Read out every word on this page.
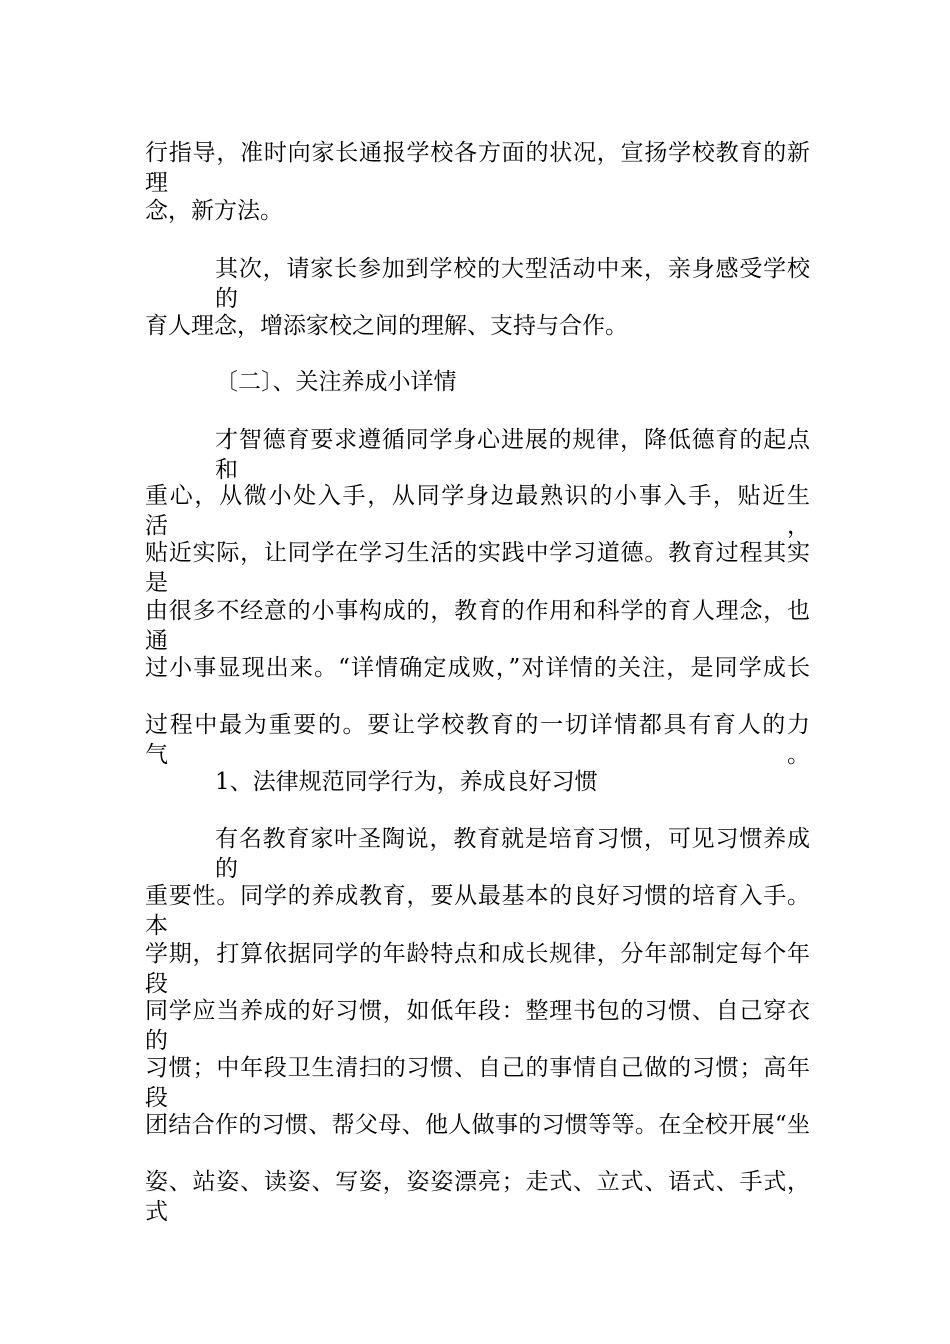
行指导，准时向家长通报学校各方面的状况，宣扬学校教育的新理

念，新方法。

其次，请家长参加到学校的大型活动中来，亲身感受学校的

育人理念，增添家校之间的理解、支持与合作。

〔二〕、关注养成小详情

才智德育要求遵循同学身心进展的规律，降低德育的起点和

重心，从微小处入手，从同学身边最熟识的小事入手，贴近生活，

贴近实际，让同学在学习生活的实践中学习道德。教育过程其实是

由很多不经意的小事构成的，教育的作用和科学的育人理念，也通

过小事显现出来。“详情确定成败，”对详情的关注，是同学成长

过程中最为重要的。要让学校教育的一切详情都具有育人的力气。

1、法律规范同学行为，养成良好习惯

有名教育家叶圣陶说，教育就是培育习惯，可见习惯养成的

重要性。同学的养成教育，要从最基本的良好习惯的培育入手。本

学期，打算依据同学的年龄特点和成长规律，分年部制定每个年段

同学应当养成的好习惯，如低年段：整理书包的习惯、自己穿衣的

习惯；中年段卫生清扫的习惯、自己的事情自己做的习惯；高年段

团结合作的习惯、帮父母、他人做事的习惯等等。在全校开展“坐

姿、站姿、读姿、写姿，姿姿漂亮；走式、立式、语式、手式，式
